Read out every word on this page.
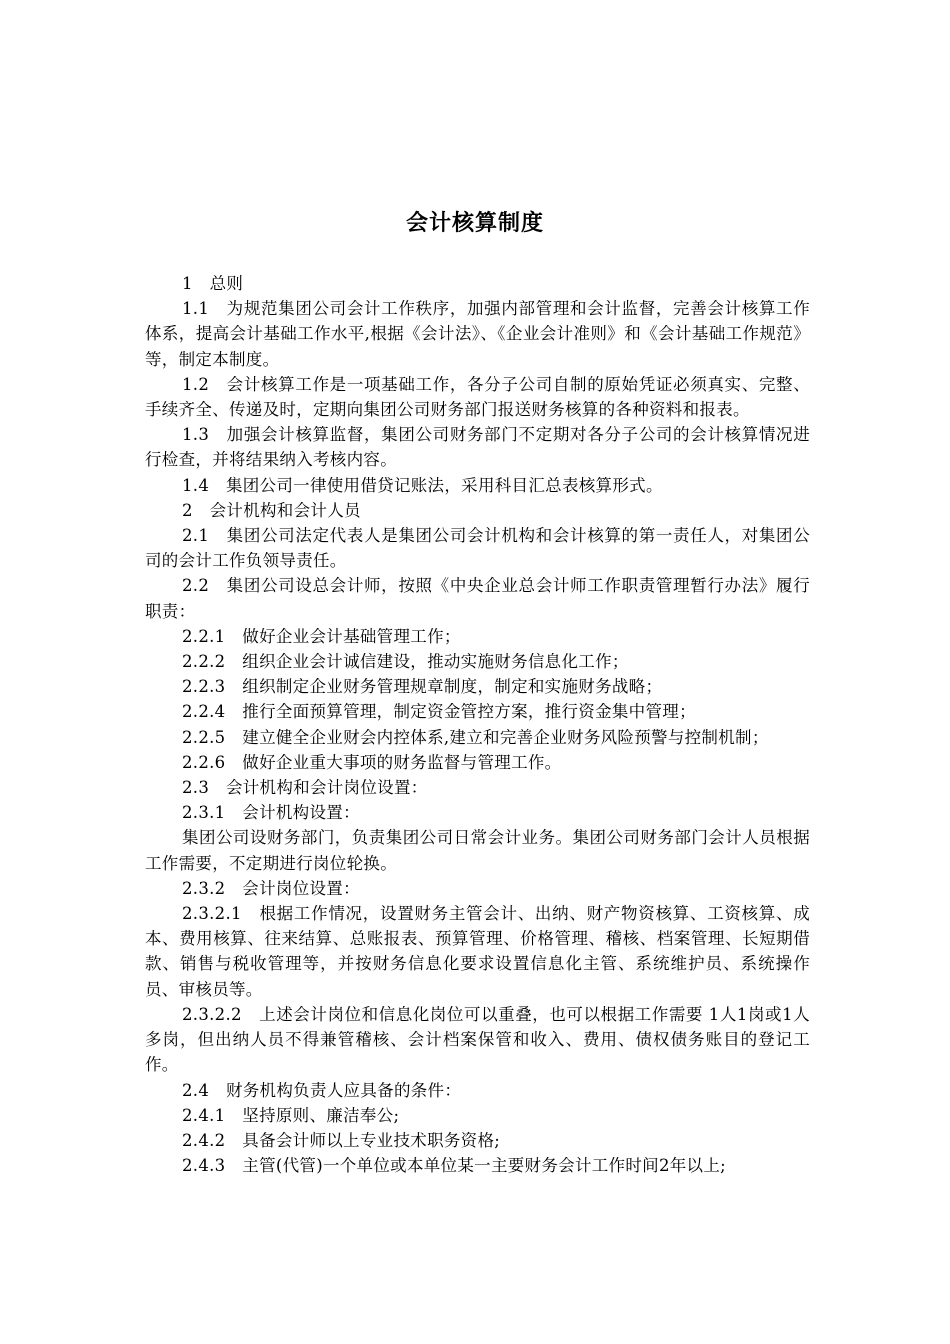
会计核算制度

1　总则

1.1　为规范集团公司会计工作秩序，加强内部管理和会计监督，完善会计核算工作体系，提高会计基础工作水平,根据《会计法》、《企业会计准则》和《会计基础工作规范》等，制定本制度。

1.2　会计核算工作是一项基础工作，各分子公司自制的原始凭证必须真实、完整、手续齐全、传递及时，定期向集团公司财务部门报送财务核算的各种资料和报表。

1.3　加强会计核算监督，集团公司财务部门不定期对各分子公司的会计核算情况进行检查，并将结果纳入考核内容。

1.4　集团公司一律使用借贷记账法，采用科目汇总表核算形式。

2　会计机构和会计人员

2.1　集团公司法定代表人是集团公司会计机构和会计核算的第一责任人，对集团公司的会计工作负领导责任。

2.2　集团公司设总会计师，按照《中央企业总会计师工作职责管理暂行办法》履行职责：

2.2.1　做好企业会计基础管理工作；

2.2.2　组织企业会计诚信建设，推动实施财务信息化工作；

2.2.3　组织制定企业财务管理规章制度，制定和实施财务战略；

2.2.4　推行全面预算管理，制定资金管控方案，推行资金集中管理；

2.2.5　建立健全企业财会内控体系,建立和完善企业财务风险预警与控制机制；

2.2.6　做好企业重大事项的财务监督与管理工作。

2.3　会计机构和会计岗位设置：

2.3.1　会计机构设置：

集团公司设财务部门，负责集团公司日常会计业务。集团公司财务部门会计人员根据工作需要，不定期进行岗位轮换。

2.3.2　会计岗位设置：

2.3.2.1　根据工作情况，设置财务主管会计、出纳、财产物资核算、工资核算、成本、费用核算、往来结算、总账报表、预算管理、价格管理、稽核、档案管理、长短期借款、销售与税收管理等，并按财务信息化要求设置信息化主管、系统维护员、系统操作员、审核员等。

2.3.2.2　上述会计岗位和信息化岗位可以重叠，也可以根据工作需要 1人1岗或1人多岗，但出纳人员不得兼管稽核、会计档案保管和收入、费用、债权债务账目的登记工作。

2.4　财务机构负责人应具备的条件：

2.4.1　坚持原则、廉洁奉公;

2.4.2　具备会计师以上专业技术职务资格;

2.4.3　主管(代管)一个单位或本单位某一主要财务会计工作时间2年以上;
